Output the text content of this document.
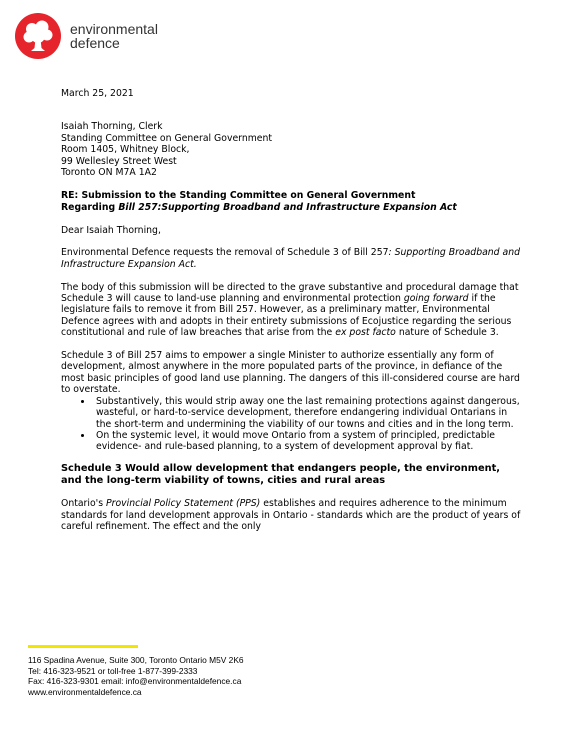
environmental
defence

March 25, 2021

Isaiah Thorning, Clerk
Standing Committee on General Government
Room 1405, Whitney Block,
99 Wellesley Street West
Toronto ON M7A 1A2

RE: Submission to the Standing Committee on General Government
Regarding Bill 257:Supporting Broadband and Infrastructure Expansion Act

Dear Isaiah Thorning,

Environmental Defence requests the removal of Schedule 3 of Bill 257: Supporting Broadband and Infrastructure Expansion Act.

The body of this submission will be directed to the grave substantive and procedural damage that Schedule 3 will cause to land-use planning and environmental protection going forward if the legislature fails to remove it from Bill 257. However, as a preliminary matter, Environmental Defence agrees with and adopts in their entirety submissions of Ecojustice regarding the serious constitutional and rule of law breaches that arise from the ex post facto nature of Schedule 3.

Schedule 3 of Bill 257 aims to empower a single Minister to authorize essentially any form of development, almost anywhere in the more populated parts of the province, in defiance of the most basic principles of good land use planning. The dangers of this ill-considered course are hard to overstate.

• Substantively, this would strip away one the last remaining protections against dangerous, wasteful, or hard-to-service development, therefore endangering individual Ontarians in the short-term and undermining the viability of our towns and cities and in the long term.
• On the systemic level, it would move Ontario from a system of principled, predictable evidence- and rule-based planning, to a system of development approval by fiat.

Schedule 3 Would allow development that endangers people, the environment, and the long-term viability of towns, cities and rural areas

Ontario's Provincial Policy Statement (PPS) establishes and requires adherence to the minimum standards for land development approvals in Ontario - standards which are the product of years of careful refinement. The effect and the only

116 Spadina Avenue, Suite 300, Toronto Ontario M5V 2K6
Tel: 416-323-9521 or toll-free 1-877-399-2333
Fax: 416-323-9301 email: info@environmentaldefence.ca
www.environmentaldefence.ca
